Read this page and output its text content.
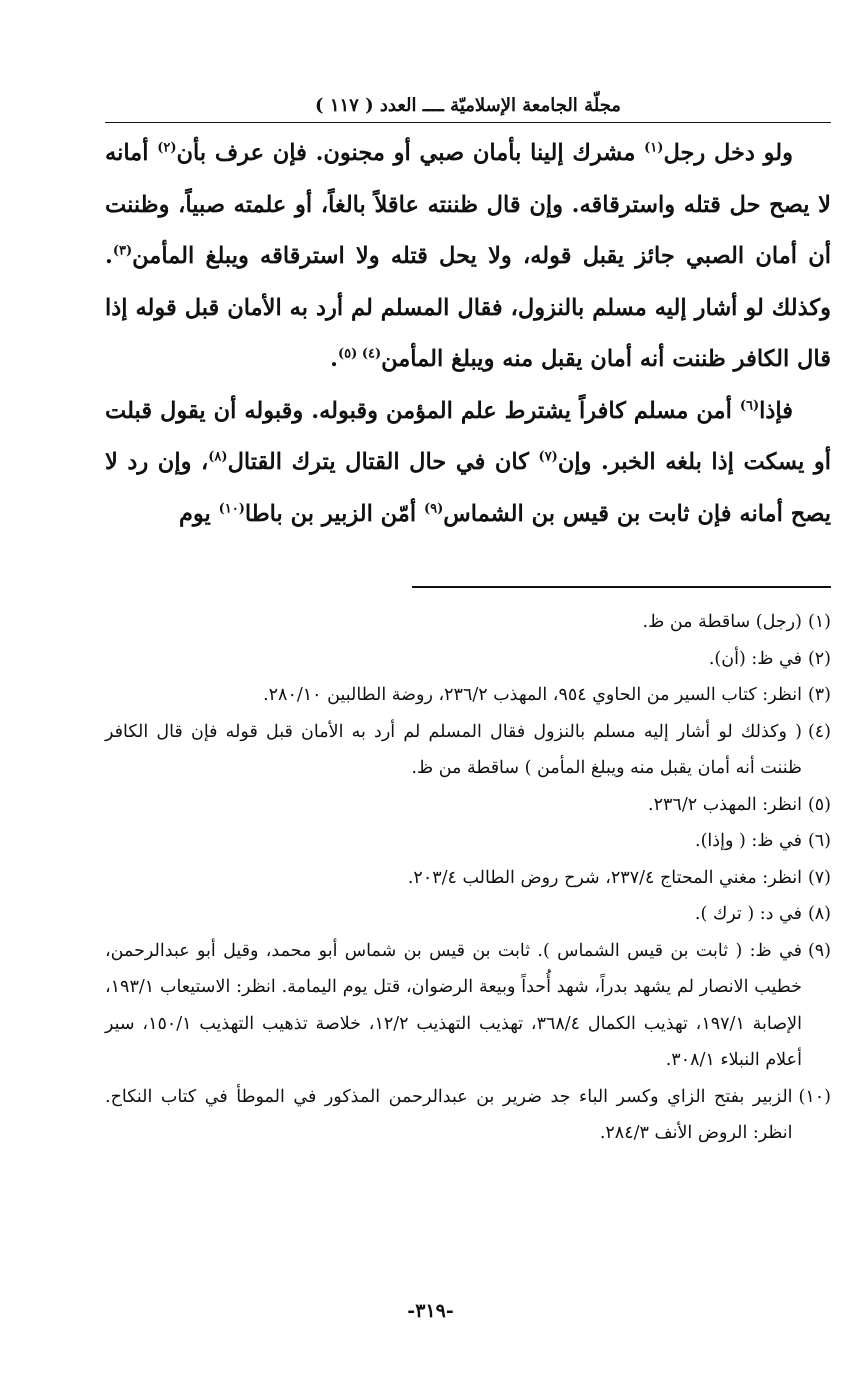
مجلّة الجامعة الإسلاميّة ــــ العدد ( ١١٧ )

ولو دخل رجل$^{(١)}$ مشرك إلينا بأمان صبي أو مجنون. فإن عرف بأن$^{(٢)}$ أمانه لا يصح حل قتله واسترقاقه. وإن قال ظننته عاقلاً بالغاً، أو علمته صبياً، وظننت أن أمان الصبي جائز يقبل قوله، ولا يحل قتله ولا استرقاقه ويبلغ المأمن$^{(٣)}$. وكذلك لو أشار إليه مسلم بالنزول، فقال المسلم لم أرد به الأمان قبل قوله إذا قال الكافر ظننت أنه أمان يقبل منه ويبلغ المأمن$^{(٤) (٥)}$.

فإذا$^{(٦)}$ أمن مسلم كافراً يشترط علم المؤمن وقبوله. وقبوله أن يقول قبلت أو يسكت إذا بلغه الخبر. وإن$^{(٧)}$ كان في حال القتال يترك القتال$^{(٨)}$، وإن رد لا يصح أمانه فإن ثابت بن قيس بن الشماس$^{(٩)}$ أمّن الزبير بن باطا$^{(١٠)}$ يوم

(١)
(رجل) ساقطة من ظ.
(٢)
في ظ: (أن).
(٣)
انظر: كتاب السير من الحاوي ٩٥٤، المهذب ٢٣٦/٢، روضة الطالبين ٢٨٠/١٠.
(٤)
( وكذلك لو أشار إليه مسلم بالنزول فقال المسلم لم أرد به الأمان قبل قوله فإن قال الكافر ظننت أنه أمان يقبل منه ويبلغ المأمن ) ساقطة من ظ.
(٥)
انظر: المهذب ٢٣٦/٢.
(٦)
في ظ: ( وإذا).
(٧)
انظر: مغني المحتاج ٢٣٧/٤، شرح روض الطالب ٢٠٣/٤.
(٨)
في د: ( ترك ).
(٩)
في ظ: ( ثابت بن قيس الشماس ). ثابت بن قيس بن شماس أبو محمد، وقيل أبو عبدالرحمن، خطيب الانصار لم يشهد بدراً، شهد أُحداً وبيعة الرضوان، قتل يوم اليمامة. انظر: الاستيعاب ١٩٣/١، الإصابة ١٩٧/١، تهذيب الكمال ٣٦٨/٤، تهذيب التهذيب ١٢/٢، خلاصة تذهيب التهذيب ١٥٠/١، سير أعلام النبلاء ٣٠٨/١.
(١٠)
الزبير بفتح الزاي وكسر الباء جد ضرير بن عبدالرحمن المذكور في الموطأ في كتاب النكاح. انظر: الروض الأنف ٢٨٤/٣.
-٣١٩-
